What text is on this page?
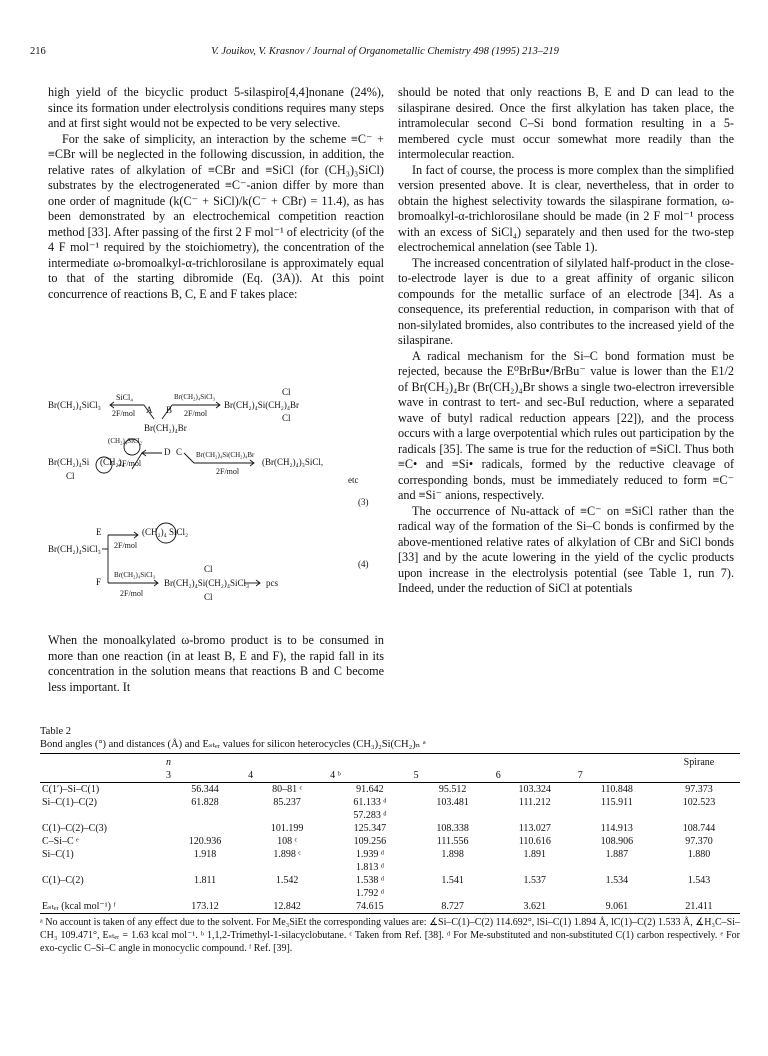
216	V. Jouikov, V. Krasnov / Journal of Organometallic Chemistry 498 (1995) 213–219

high yield of the bicyclic product 5-silaspiro[4,4]nonane (24%), since its formation under electrolysis conditions requires many steps and at first sight would not be expected to be very selective.

For the sake of simplicity, an interaction by the scheme ≡C⁻ + ≡CBr will be neglected in the following discussion, in addition, the relative rates of alkylation of ≡CBr and ≡SiCl (for (CH₃)₃SiCl) substrates by the electrogenerated ≡C⁻-anion differ by more than one order of magnitude (k(C⁻ + SiCl)/k(C⁻ + CBr) = 11.4), as has been demonstrated by an electrochemical competition reaction method [33]. After passing of the first 2 F mol⁻¹ of electricity (of the 4 F mol⁻¹ required by the stoichiometry), the concentration of the intermediate ω-bromoalkyl-α-trichlorosilane is approximately equal to that of the starting dibromide (Eq. (3A)). At this point concurrence of reactions B, C, E and F takes place:

Br(CH₂)₄SiCl₃
SiCl₄
2F/mol A B
Br(CH₂)₄SiCl₃
2F/mol
Cl
Br(CH₂)₄Si(CH₂)₄Br
Cl
Br(CH₂)₄Br
Br(CH₂)₄Si (CH₂)₄
Cl
(CH₂)₄SiCl₂
2F/mol
D C Br(CH₂)₄Si(CH₂)₄Br
2F/mol
(Br(CH₂)₄)₃SiCl,
etc
(3)
Br(CH₂)₄SiCl₃
E
F
2F/mol
(CH₂)₄ SiCl₂
Br(CH₂)₄SiCl₃
2F/mol
Cl
Br(CH₂)₄Si(CH₂)₄SiCl₃
Cl
pcs
(4)

When the monoalkylated ω-bromo product is to be consumed in more than one reaction (in at least B, E and F), the rapid fall in its concentration in the solution means that reactions B and C become less important. It

should be noted that only reactions B, E and D can lead to the silaspirane desired. Once the first alkylation has taken place, the intramolecular second C–Si bond formation resulting in a 5-membered cycle must occur somewhat more readily than the intermolecular reaction.

In fact of course, the process is more complex than the simplified version presented above. It is clear, nevertheless, that in order to obtain the highest selectivity towards the silaspirane formation, ω-bromoalkyl-α-trichlorosilane should be made (in 2 F mol⁻¹ process with an excess of SiCl₄) separately and then used for the two-step electrochemical annelation (see Table 1).

The increased concentration of silylated half-product in the close-to-electrode layer is due to a great affinity of organic silicon compounds for the metallic surface of an electrode [34]. As a consequence, its preferential reduction, in comparison with that of non-silylated bromides, also contributes to the increased yield of the silaspirane.

A radical mechanism for the Si–C bond formation must be rejected, because the E⁰BrBu•/BrBu⁻ value is lower than the E1/2 of Br(CH₂)₄Br (Br(CH₂)₄Br shows a single two-electron irreversible wave in contrast to tert- and sec-BuI reduction, where a separated wave of butyl radical reduction appears [22]), and the process occurs with a large overpotential which rules out participation by the radicals [35]. The same is true for the reduction of ≡SiCl. Thus both ≡C• and ≡Si• radicals, formed by the reductive cleavage of corresponding bonds, must be immediately reduced to form ≡C⁻ and ≡Si⁻ anions, respectively.

The occurrence of Nu-attack of ≡C⁻ on ≡SiCl rather than the radical way of the formation of the Si–C bonds is confirmed by the above-mentioned relative rates of alkylation of CBr and SiCl bonds [33] and by the acute lowering in the yield of the cyclic products upon increase in the electrolysis potential (see Table 1, run 7). Indeed, under the reduction of SiCl at potentials

Table 2
Bond angles (°) and distances (Å) and Eₛₜₑᵣ values for silicon heterocycles (CH₃)₂Si(CH₂)ₙ ᵃ
	n						Spirane
	3	4	4 ᵇ	5	6	7	
C(1′)–Si–C(1)	56.344	80–81 ᶜ	91.642	95.512	103.324	110.848	97.373
Si–C(1)–C(2)	61.828	85.237	61.133 ᵈ	103.481	111.212	115.911	102.523
			57.283 ᵈ				
C(1)–C(2)–C(3)		101.199	125.347	108.338	113.027	114.913	108.744
C–Si–C ᵉ	120.936	108 ᶜ	109.256	111.556	110.616	108.906	97.370
Si–C(1)	1.918	1.898 ᶜ	1.939 ᵈ	1.898	1.891	1.887	1.880
			1.813 ᵈ				
C(1)–C(2)	1.811	1.542	1.538 ᵈ	1.541	1.537	1.534	1.543
			1.792 ᵈ				
Eₛₜₑᵣ (kcal mol⁻¹) ᶠ	173.12	12.842	74.615	8.727	3.621	9.061	21.411
ᵃ No account is taken of any effect due to the solvent. For Me₃SiEt the corresponding values are: ∡Si–C(1)–C(2) 114.692°, lSi–C(1) 1.894 Å, lC(1)–C(2) 1.533 Å, ∡H₃C–Si–CH₃ 109.471°, Eₛₜₑᵣ = 1.63 kcal mol⁻¹. ᵇ 1,1,2-Trimethyl-1-silacyclobutane. ᶜ Taken from Ref. [38]. ᵈ For Me-substituted and non-substituted C(1) carbon respectively. ᵉ For exo-cyclic C–Si–C angle in monocyclic compound. ᶠ Ref. [39].
